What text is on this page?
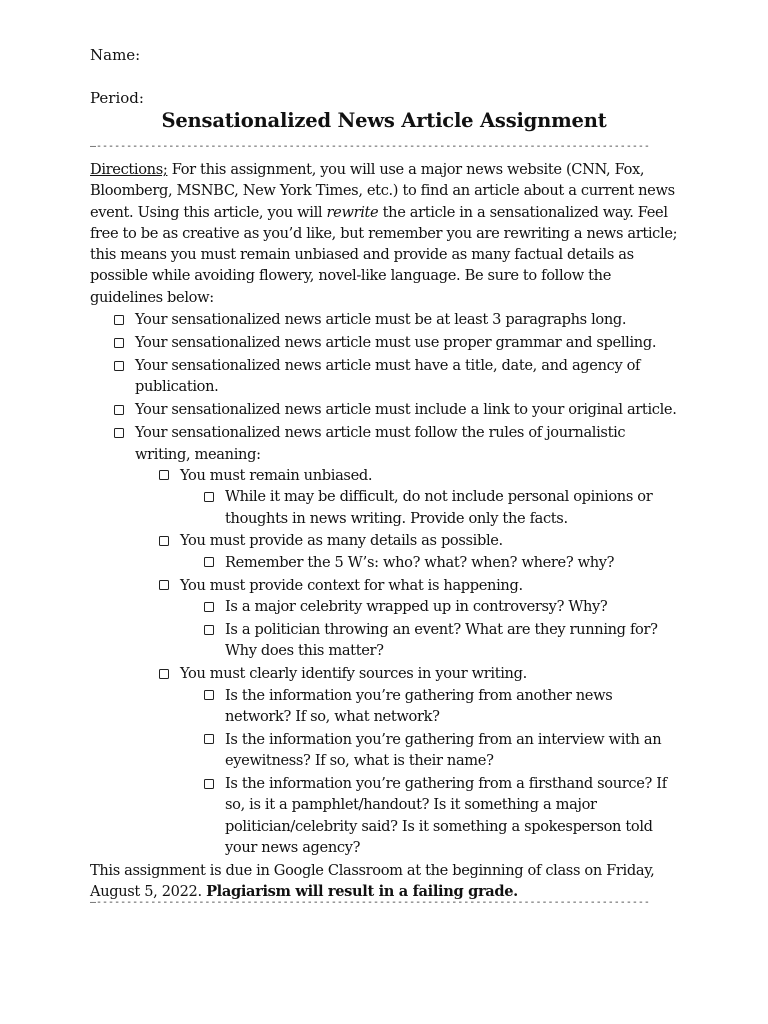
Name:
Period:
Sensationalized News Article Assignment
—--------------------------------------------------------------------------------------------

Directions; For this assignment, you will use a major news website (CNN, Fox, Bloomberg, MSNBC, New York Times, etc.) to find an article about a current news event. Using this article, you will rewrite the article in a sensationalized way. Feel free to be as creative as you’d like, but remember you are rewriting a news article; this means you must remain unbiased and provide as many factual details as possible while avoiding flowery, novel-like language. Be sure to follow the guidelines below:

Your sensationalized news article must be at least 3 paragraphs long.
Your sensationalized news article must use proper grammar and spelling.
Your sensationalized news article must have a title, date, and agency of publication.
Your sensationalized news article must include a link to your original article.
Your sensationalized news article must follow the rules of journalistic writing, meaning:
You must remain unbiased.
While it may be difficult, do not include personal opinions or thoughts in news writing. Provide only the facts.
You must provide as many details as possible.
Remember the 5 W’s: who? what? when? where? why?
You must provide context for what is happening.
Is a major celebrity wrapped up in controversy? Why?
Is a politician throwing an event? What are they running for? Why does this matter?
You must clearly identify sources in your writing.
Is the information you’re gathering from another news network? If so, what network?
Is the information you’re gathering from an interview with an eyewitness? If so, what is their name?
Is the information you’re gathering from a firsthand source? If so, is it a pamphlet/handout? Is it something a major politician/celebrity said? Is it something a spokesperson told your news agency?

This assignment is due in Google Classroom at the beginning of class on Friday, August 5, 2022. Plagiarism will result in a failing grade.

—--------------------------------------------------------------------------------------------
